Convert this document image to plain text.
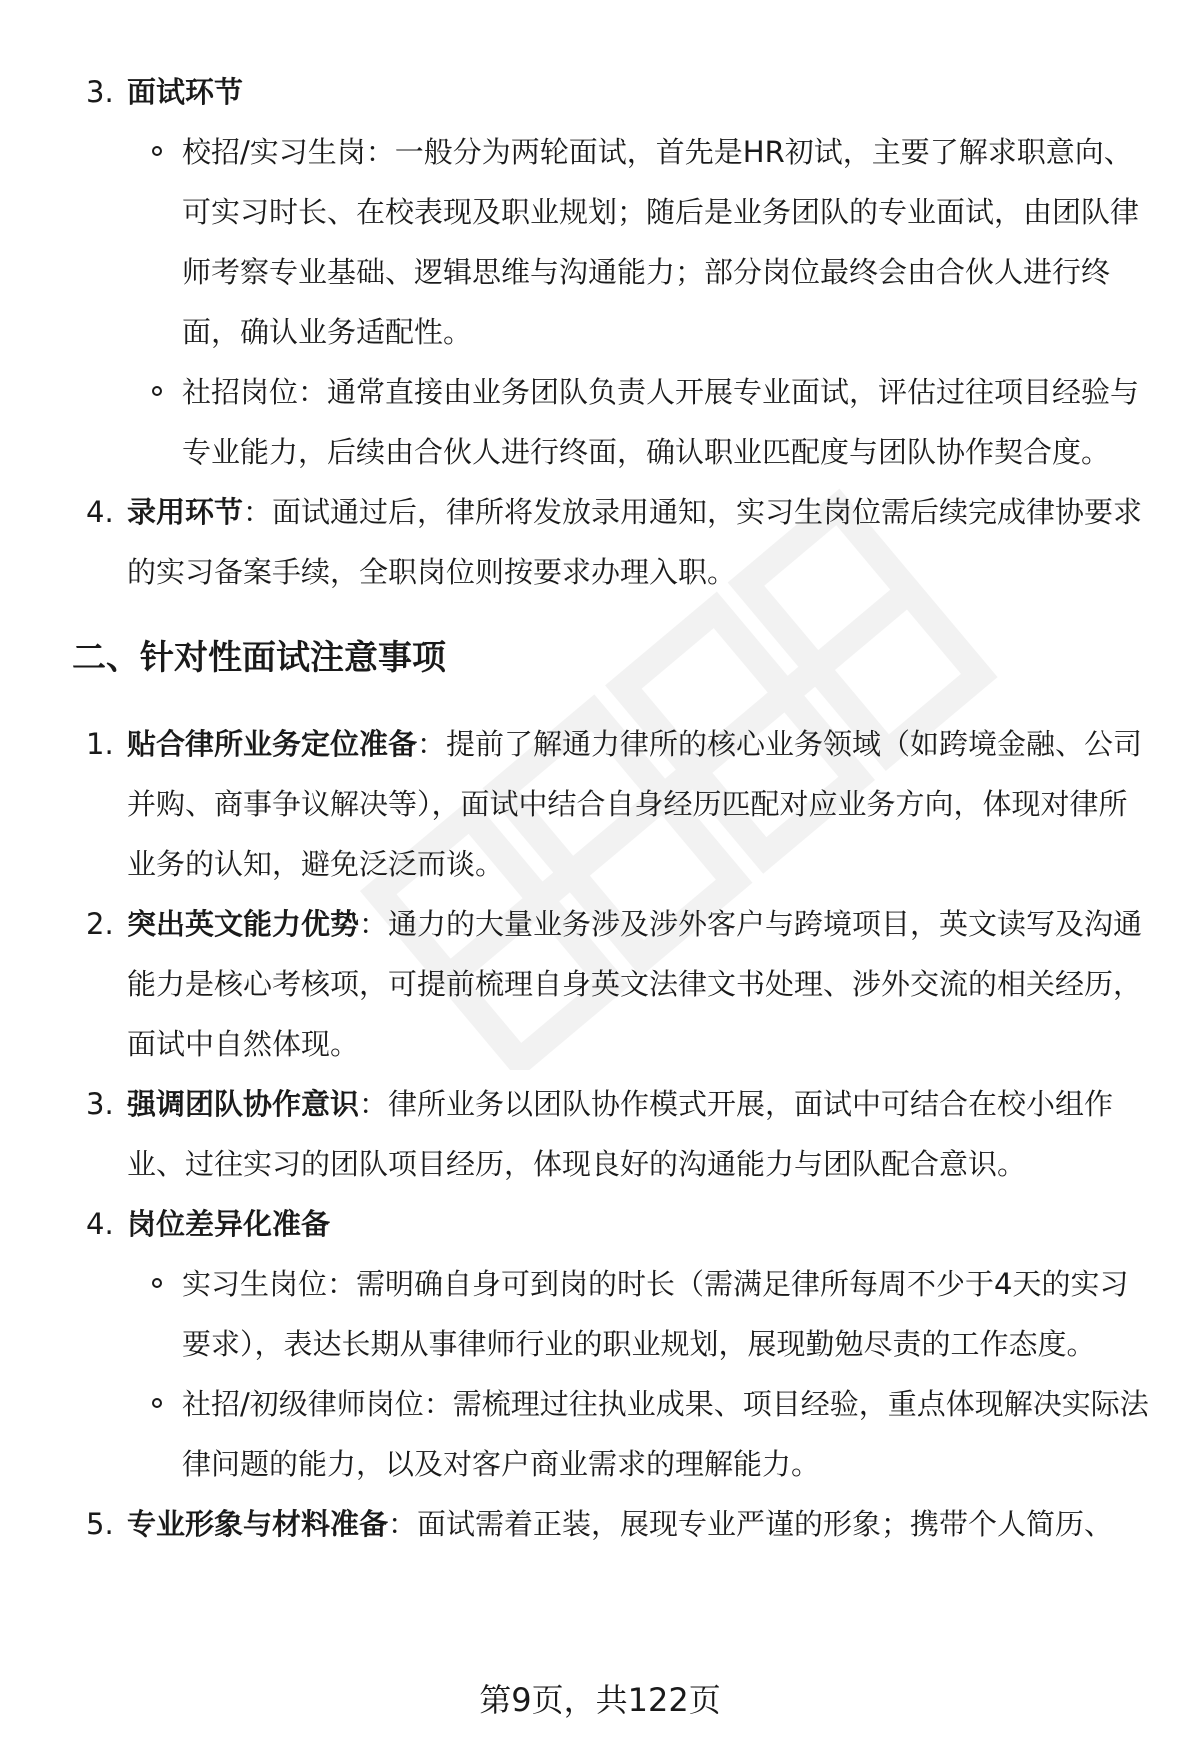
3. 面试环节
校招/实习生岗：一般分为两轮面试，首先是HR初试，主要了解求职意向、可实习时长、在校表现及职业规划；随后是业务团队的专业面试，由团队律师考察专业基础、逻辑思维与沟通能力；部分岗位最终会由合伙人进行终面，确认业务适配性。
社招岗位：通常直接由业务团队负责人开展专业面试，评估过往项目经验与专业能力，后续由合伙人进行终面，确认职业匹配度与团队协作契合度。
4. 录用环节：面试通过后，律所将发放录用通知，实习生岗位需后续完成律协要求的实习备案手续，全职岗位则按要求办理入职。
二、针对性面试注意事项
1. 贴合律所业务定位准备：提前了解通力律所的核心业务领域（如跨境金融、公司并购、商事争议解决等），面试中结合自身经历匹配对应业务方向，体现对律所业务的认知，避免泛泛而谈。
2. 突出英文能力优势：通力的大量业务涉及涉外客户与跨境项目，英文读写及沟通能力是核心考核项，可提前梳理自身英文法律文书处理、涉外交流的相关经历，面试中自然体现。
3. 强调团队协作意识：律所业务以团队协作模式开展，面试中可结合在校小组作业、过往实习的团队项目经历，体现良好的沟通能力与团队配合意识。
4. 岗位差异化准备
实习生岗位：需明确自身可到岗的时长（需满足律所每周不少于4天的实习要求），表达长期从事律师行业的职业规划，展现勤勉尽责的工作态度。
社招/初级律师岗位：需梳理过往执业成果、项目经验，重点体现解决实际法律问题的能力，以及对客户商业需求的理解能力。
5. 专业形象与材料准备：面试需着正装，展现专业严谨的形象；携带个人简历、
第9页，共122页
